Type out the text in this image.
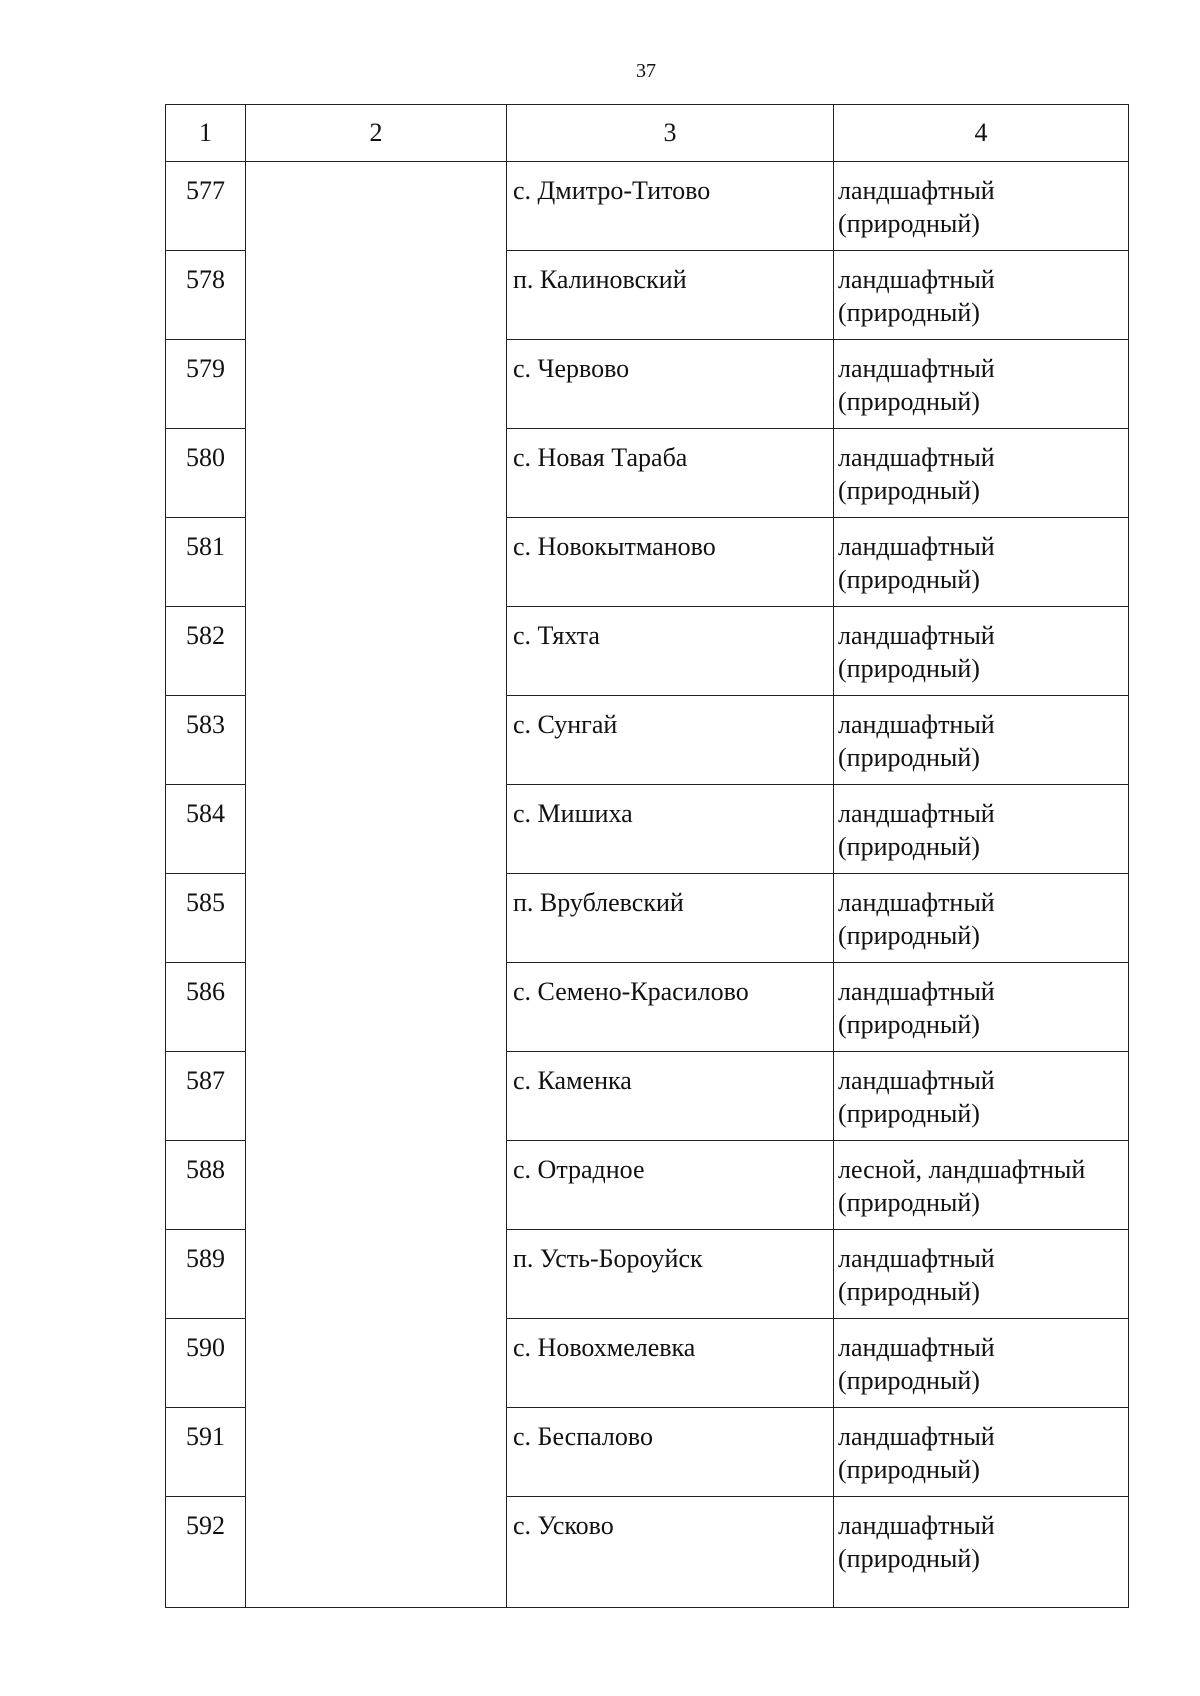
37
1	2	3	4
577		с. Дмитро-Титово	ландшафтный
(природный)

578		п. Калиновский	ландшафтный
(природный)

579		с. Червово	ландшафтный
(природный)

580		с. Новая Тараба	ландшафтный
(природный)

581		с. Новокытманово	ландшафтный
(природный)

582		с. Тяхта	ландшафтный
(природный)

583		с. Сунгай	ландшафтный
(природный)

584		с. Мишиха	ландшафтный
(природный)

585		п. Врублевский	ландшафтный
(природный)

586		с. Семено-Красилово	ландшафтный
(природный)

587		с. Каменка	ландшафтный
(природный)

588		с. Отрадное	лесной, ландшафтный
(природный)

589		п. Усть-Бороуйск	ландшафтный
(природный)

590		с. Новохмелевка	ландшафтный
(природный)

591		с. Беспалово	ландшафтный
(природный)

592		с. Усково	ландшафтный
(природный)
